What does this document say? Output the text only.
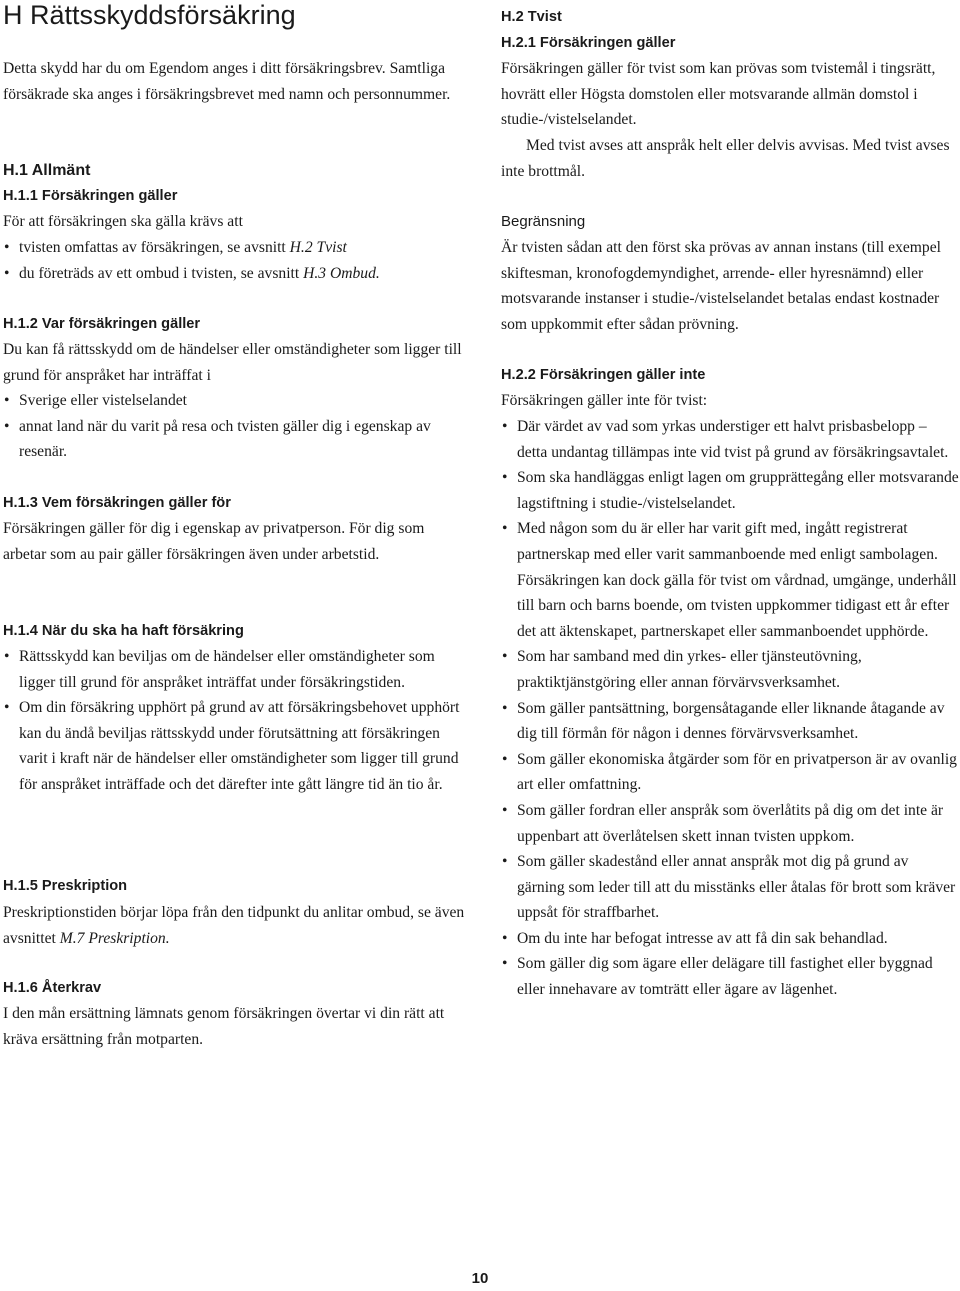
H Rättsskyddsförsäkring

Detta skydd har du om Egendom anges i ditt försäkringsbrev. Samtliga försäkrade ska anges i försäkringsbrevet med namn och personnummer.

H.1 Allmänt
H.1.1 Försäkringen gäller

För att försäkringen ska gälla krävs att

• tvisten omfattas av försäkringen, se avsnitt H.2 Tvist
• du företräds av ett ombud i tvisten, se avsnitt H.3 Ombud.
H.1.2 Var försäkringen gäller

Du kan få rättsskydd om de händelser eller omständigheter som ligger till grund för anspråket har inträffat i

• Sverige eller vistelselandet
• annat land när du varit på resa och tvisten gäller dig i egenskap av resenär.
H.1.3 Vem försäkringen gäller för

Försäkringen gäller för dig i egenskap av privatperson. För dig som arbetar som au pair gäller försäkringen även under arbetstid.

H.1.4 När du ska ha haft försäkring
• Rättsskydd kan beviljas om de händelser eller omständigheter som ligger till grund för anspråket inträffat under försäkringstiden.
• Om din försäkring upphört på grund av att försäkringsbehovet upphört kan du ändå beviljas rättsskydd under förutsättning att försäkringen varit i kraft när de händelser eller omständigheter som ligger till grund för anspråket inträffade och det därefter inte gått längre tid än tio år.
H.1.5 Preskription

Preskriptionstiden börjar löpa från den tidpunkt du anlitar ombud, se även avsnittet M.7 Preskription.

H.1.6 Återkrav

I den mån ersättning lämnats genom försäkringen övertar vi din rätt att kräva ersättning från motparten.

H.2 Tvist
H.2.1 Försäkringen gäller

Försäkringen gäller för tvist som kan prövas som tvistemål i tingsrätt, hovrätt eller Högsta domstolen eller motsvarande allmän domstol i studie-/vistelselandet.

Med tvist avses att anspråk helt eller delvis avvisas. Med tvist avses inte brottmål.

Begränsning

Är tvisten sådan att den först ska prövas av annan instans (till exempel skiftesman, kronofogdemyndighet, arrende- eller hyresnämnd) eller motsvarande instanser i studie-/vistelselandet betalas endast kostnader som uppkommit efter sådan prövning.

H.2.2 Försäkringen gäller inte

Försäkringen gäller inte för tvist:

• Där värdet av vad som yrkas understiger ett halvt prisbasbelopp – detta undantag tillämpas inte vid tvist på grund av försäkringsavtalet.
• Som ska handläggas enligt lagen om grupprättegång eller motsvarande lagstiftning i studie-/vistelselandet.
• Med någon som du är eller har varit gift med, ingått registrerat partnerskap med eller varit sammanboende med enligt sambolagen. Försäkringen kan dock gälla för tvist om vårdnad, umgänge, underhåll till barn och barns boende, om tvisten uppkommer tidigast ett år efter det att äktenskapet, partnerskapet eller sammanboendet upphörde.
• Som har samband med din yrkes- eller tjänsteutövning, praktiktjänstgöring eller annan förvärvsverksamhet.
• Som gäller pantsättning, borgensåtagande eller liknande åtagande av dig till förmån för någon i dennes förvärvsverksamhet.
• Som gäller ekonomiska åtgärder som för en privatperson är av ovanlig art eller omfattning.
• Som gäller fordran eller anspråk som överlåtits på dig om det inte är uppenbart att överlåtelsen skett innan tvisten uppkom.
• Som gäller skadestånd eller annat anspråk mot dig på grund av gärning som leder till att du misstänks eller åtalas för brott som kräver uppsåt för straffbarhet.
• Om du inte har befogat intresse av att få din sak behandlad.
• Som gäller dig som ägare eller delägare till fastighet eller byggnad eller innehavare av tomträtt eller ägare av lägenhet.
10
